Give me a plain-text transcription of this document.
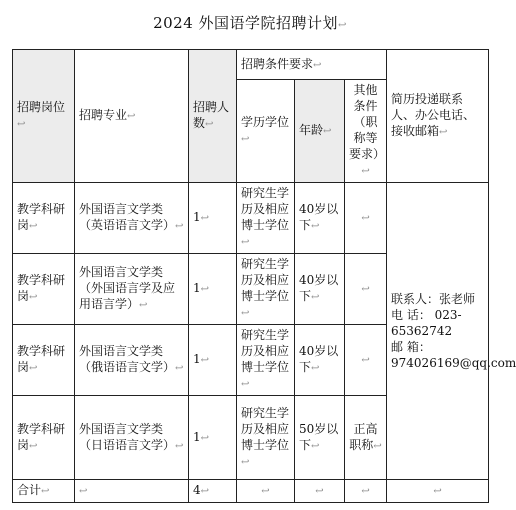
2024 外国语学院招聘计划↩
招聘岗位↩	招聘专业↩	招聘人数↩	招聘条件要求↩			简历投递联系人、办公电话、接收邮箱↩
			学历学位↩	年龄↩	其他条件（职称等要求）↩	
教学科研岗↩	外国语言文学类（英语语言文学）↩	1↩	研究生学历及相应博士学位↩	40岁以下↩	↩	联系人：张老师
电 话： 023-65362742
邮 箱： 974026169@qq.com

教学科研岗↩	外国语言文学类（外国语言学及应用语言学）↩	1↩	研究生学历及相应博士学位↩	40岁以下↩	↩	
教学科研岗↩	外国语言文学类（俄语语言文学）↩	1↩	研究生学历及相应博士学位↩	40岁以下↩	↩	
教学科研岗↩	外国语言文学类（日语语言文学）↩	1↩	研究生学历及相应博士学位↩	50岁以下↩	正高职称↩	
合计↩	↩	4↩	↩	↩	↩	↩
